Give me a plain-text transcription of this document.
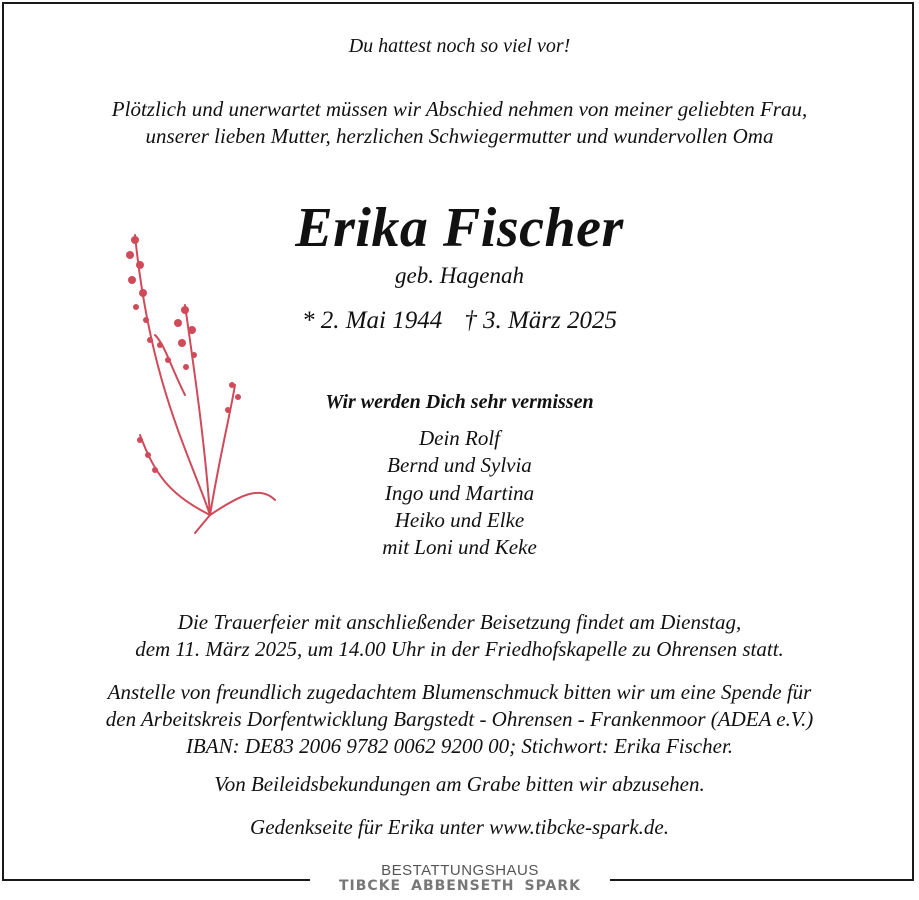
Du hattest noch so viel vor!
Plötzlich und unerwartet müssen wir Abschied nehmen von meiner geliebten Frau,
unserer lieben Mutter, herzlichen Schwiegermutter und wundervollen Oma
Erika Fischer
geb. Hagenah
* 2. Mai 1944 † 3. März 2025
Wir werden Dich sehr vermissen
Dein Rolf
Bernd und Sylvia
Ingo und Martina
Heiko und Elke
mit Loni und Keke
Die Trauerfeier mit anschließender Beisetzung findet am Dienstag,
dem 11. März 2025, um 14.00 Uhr in der Friedhofskapelle zu Ohrensen statt.
Anstelle von freundlich zugedachtem Blumenschmuck bitten wir um eine Spende für
den Arbeitskreis Dorfentwicklung Bargstedt - Ohrensen - Frankenmoor (ADEA e.V.)
IBAN: DE83 2006 9782 0062 9200 00; Stichwort: Erika Fischer.
Von Beileidsbekundungen am Grabe bitten wir abzusehen.
Gedenkseite für Erika unter www.tibcke-spark.de.
BESTATTUNGSHAUS
TIBCKE ABBENSETH SPARK
